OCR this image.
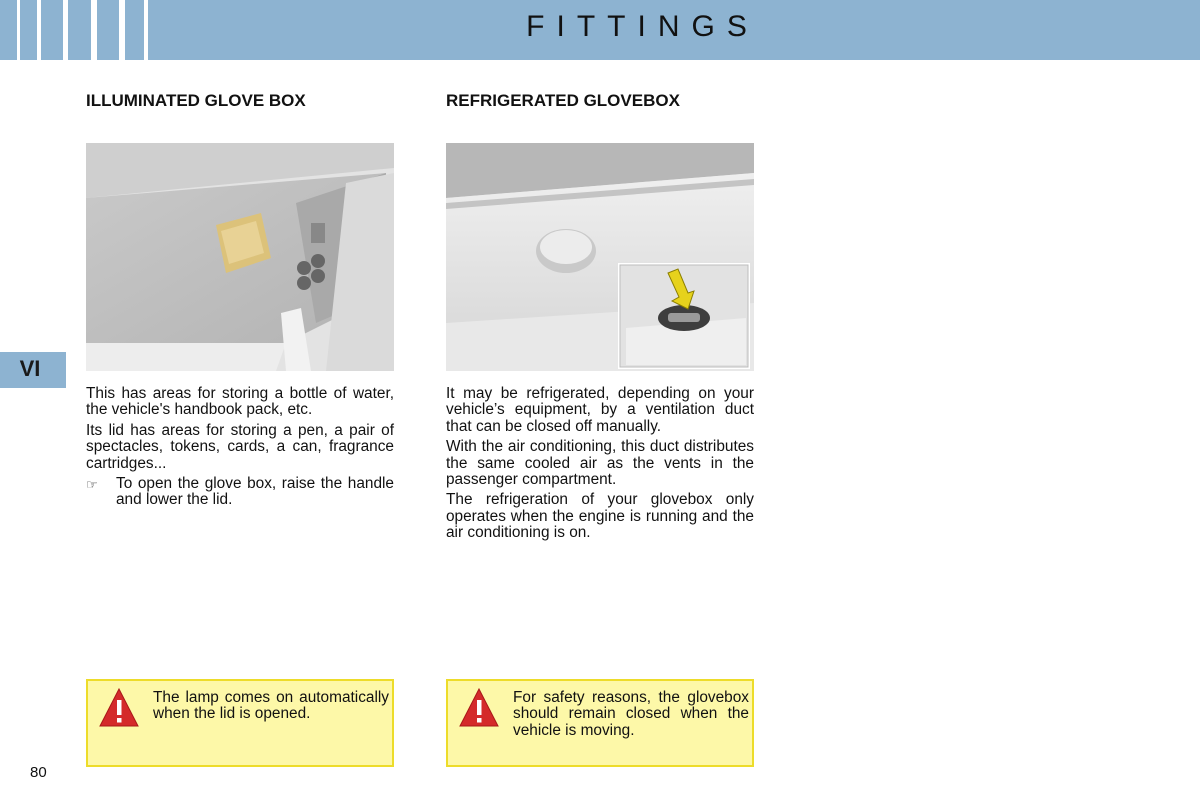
FITTINGS
VI
ILLUMINATED GLOVE BOX

This has areas for storing a bottle of water, the vehicle's handbook pack, etc.

Its lid has areas for storing a pen, a pair of spectacles, tokens, cards, a can, fragrance cartridges...

☞	To open the glove box, raise the handle and lower the lid.
The lamp comes on automatically when the lid is opened.
REFRIGERATED GLOVEBOX

It may be refrigerated, depending on your vehicle’s equipment, by a ventilation duct that can be closed off manually.

With the air conditioning, this duct distributes the same cooled air as the vents in the passenger compartment.

The refrigeration of your glovebox only operates when the engine is running and the air conditioning is on.

For safety reasons, the glovebox should remain closed when the vehicle is moving.
80
